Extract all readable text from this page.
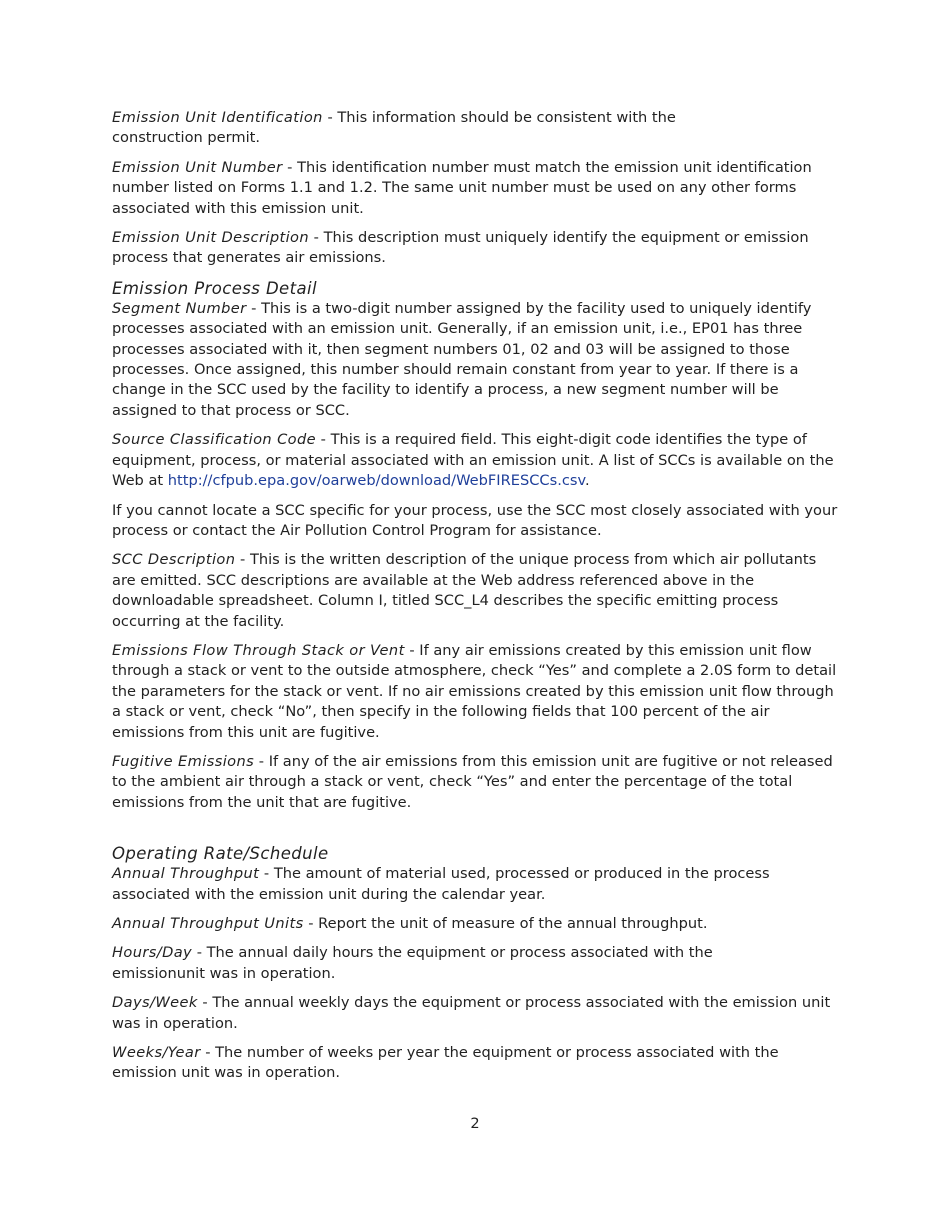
Emission Unit Identification - This information should be consistent with the construction permit.

Emission Unit Number - This identification number must match the emission unit identification number listed on Forms 1.1 and 1.2. The same unit number must be used on any other forms associated with this emission unit.

Emission Unit Description - This description must uniquely identify the equipment or emission process that generates air emissions.

Emission Process Detail

Segment Number - This is a two-digit number assigned by the facility used to uniquely identify processes associated with an emission unit. Generally, if an emission unit, i.e., EP01 has three processes associated with it, then segment numbers 01, 02 and 03 will be assigned to those processes. Once assigned, this number should remain constant from year to year. If there is a change in the SCC used by the facility to identify a process, a new segment number will be assigned to that process or SCC.

Source Classification Code - This is a required field. This eight-digit code identifies the type of equipment, process, or material associated with an emission unit. A list of SCCs is available on the Web at http://cfpub.epa.gov/oarweb/download/WebFIRESCCs.csv.

If you cannot locate a SCC specific for your process, use the SCC most closely associated with your process or contact the Air Pollution Control Program for assistance.

SCC Description - This is the written description of the unique process from which air pollutants are emitted. SCC descriptions are available at the Web address referenced above in the downloadable spreadsheet. Column I, titled SCC_L4 describes the specific emitting process occurring at the facility.

Emissions Flow Through Stack or Vent - If any air emissions created by this emission unit flow through a stack or vent to the outside atmosphere, check “Yes” and complete a 2.0S form to detail the parameters for the stack or vent. If no air emissions created by this emission unit flow through a stack or vent, check “No”, then specify in the following fields that 100 percent of the air emissions from this unit are fugitive.

Fugitive Emissions - If any of the air emissions from this emission unit are fugitive or not released to the ambient air through a stack or vent, check “Yes” and enter the percentage of the total emissions from the unit that are fugitive.

Operating Rate/Schedule

Annual Throughput - The amount of material used, processed or produced in the process associated with the emission unit during the calendar year.

Annual Throughput Units - Report the unit of measure of the annual throughput.

Hours/Day - The annual daily hours the equipment or process associated with the emissionunit was in operation.

Days/Week - The annual weekly days the equipment or process associated with the emission unit was in operation.

Weeks/Year - The number of weeks per year the equipment or process associated with the emission unit was in operation.

2
